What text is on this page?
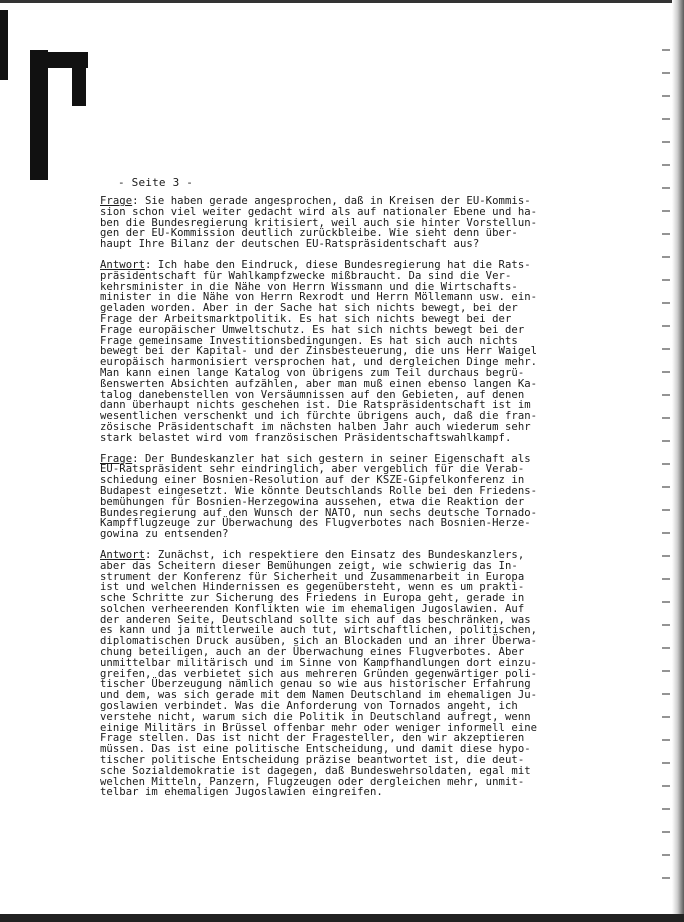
- Seite 3 -
Frage: Sie haben gerade angesprochen, daß in Kreisen der EU-Kommis-
sion schon viel weiter gedacht wird als auf nationaler Ebene und ha-
ben die Bundesregierung kritisiert, weil auch sie hinter Vorstellun-
gen der EU-Kommission deutlich zurückbleibe. Wie sieht denn über-
haupt Ihre Bilanz der deutschen EU-Ratspräsidentschaft aus?
Antwort: Ich habe den Eindruck, diese Bundesregierung hat die Rats-
präsidentschaft für Wahlkampfzwecke mißbraucht. Da sind die Ver-
kehrsminister in die Nähe von Herrn Wissmann und die Wirtschafts-
minister in die Nähe von Herrn Rexrodt und Herrn Möllemann usw. ein-
geladen worden. Aber in der Sache hat sich nichts bewegt, bei der
Frage der Arbeitsmarktpolitik. Es hat sich nichts bewegt bei der
Frage europäischer Umweltschutz. Es hat sich nichts bewegt bei der
Frage gemeinsame Investitionsbedingungen. Es hat sich auch nichts
bewegt bei der Kapital- und der Zinsbesteuerung, die uns Herr Waigel
europäisch harmonisiert versprochen hat, und dergleichen Dinge mehr.
Man kann einen lange Katalog von übrigens zum Teil durchaus begrü-
ßenswerten Absichten aufzählen, aber man muß einen ebenso langen Ka-
talog danebenstellen von Versäumnissen auf den Gebieten, auf denen
dann überhaupt nichts geschehen ist. Die Ratspräsidentschaft ist im
wesentlichen verschenkt und ich fürchte übrigens auch, daß die fran-
zösische Präsidentschaft im nächsten halben Jahr auch wiederum sehr
stark belastet wird vom französischen Präsidentschaftswahlkampf.
Frage: Der Bundeskanzler hat sich gestern in seiner Eigenschaft als
EU-Ratspräsident sehr eindringlich, aber vergeblich für die Verab-
schiedung einer Bosnien-Resolution auf der KSZE-Gipfelkonferenz in
Budapest eingesetzt. Wie könnte Deutschlands Rolle bei den Friedens-
bemühungen für Bosnien-Herzegowina aussehen, etwa die Reaktion der
Bundesregierung auf den Wunsch der NATO, nun sechs deutsche Tornado-
Kampfflugzeuge zur Überwachung des Flugverbotes nach Bosnien-Herze-
gowina zu entsenden?
Antwort: Zunächst, ich respektiere den Einsatz des Bundeskanzlers,
aber das Scheitern dieser Bemühungen zeigt, wie schwierig das In-
strument der Konferenz für Sicherheit und Zusammenarbeit in Europa
ist und welchen Hindernissen es gegenübersteht, wenn es um prakti-
sche Schritte zur Sicherung des Friedens in Europa geht, gerade in
solchen verheerenden Konflikten wie im ehemaligen Jugoslawien. Auf
der anderen Seite, Deutschland sollte sich auf das beschränken, was
es kann und ja mittlerweile auch tut, wirtschaftlichen, politischen,
diplomatischen Druck ausüben, sich an Blockaden und an ihrer Überwa-
chung beteiligen, auch an der Überwachung eines Flugverbotes. Aber
unmittelbar militärisch und im Sinne von Kampfhandlungen dort einzu-
greifen, das verbietet sich aus mehreren Gründen gegenwärtiger poli-
tischer Überzeugung nämlich genau so wie aus historischer Erfahrung
und dem, was sich gerade mit dem Namen Deutschland im ehemaligen Ju-
goslawien verbindet. Was die Anforderung von Tornados angeht, ich
verstehe nicht, warum sich die Politik in Deutschland aufregt, wenn
einige Militärs in Brüssel offenbar mehr oder weniger informell eine
Frage stellen. Das ist nicht der Fragesteller, den wir akzeptieren
müssen. Das ist eine politische Entscheidung, und damit diese hypo-
tischer politische Entscheidung präzise beantwortet ist, die deut-
sche Sozialdemokratie ist dagegen, daß Bundeswehrsoldaten, egal mit
welchen Mitteln, Panzern, Flugzeugen oder dergleichen mehr, unmit-
telbar im ehemaligen Jugoslawien eingreifen.
